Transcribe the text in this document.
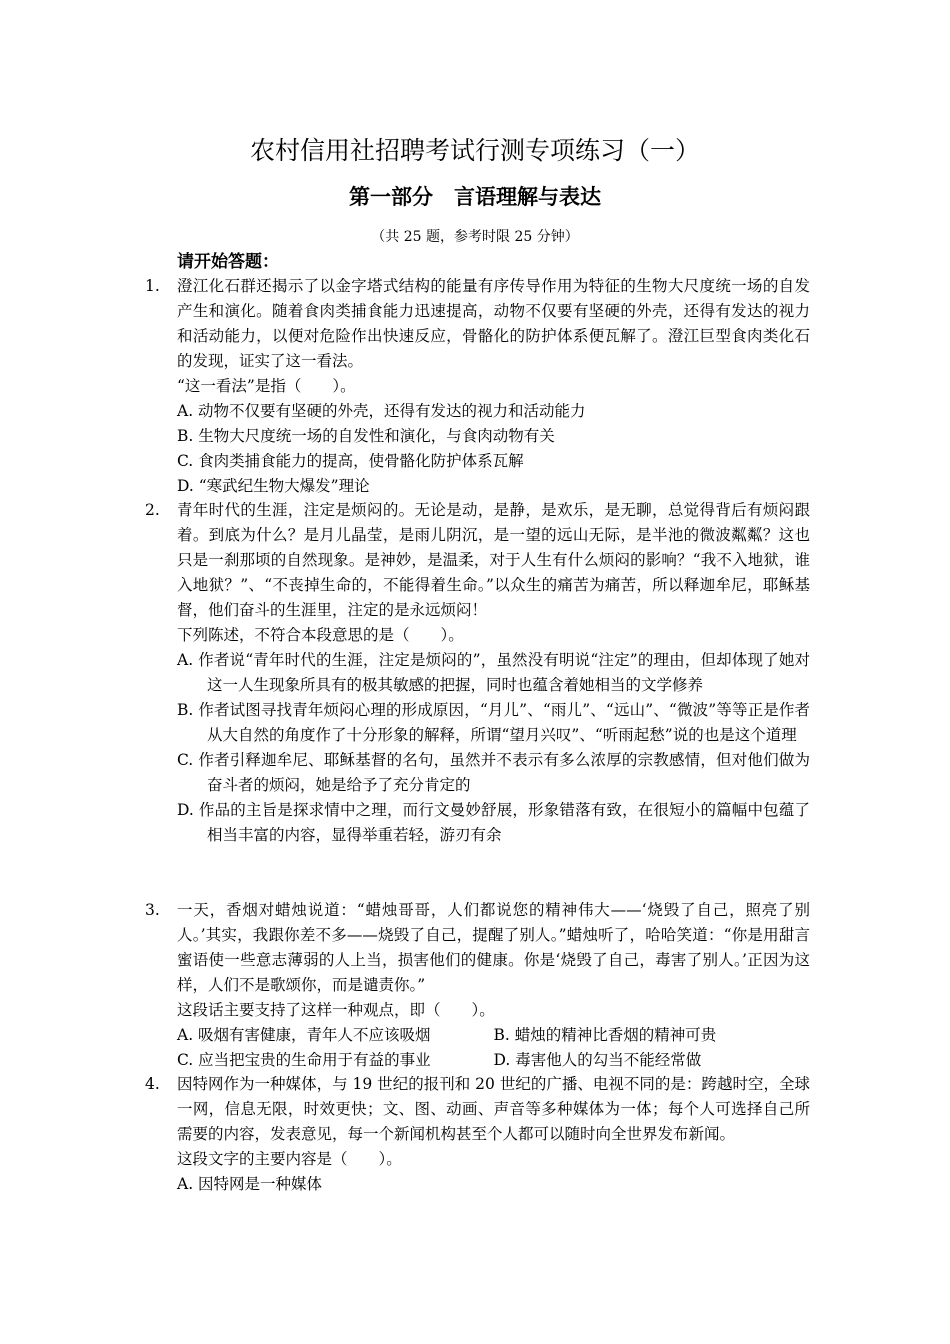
农村信用社招聘考试行测专项练习（一）
第一部分　言语理解与表达
（共 25 题，参考时限 25 分钟）
请开始答题：
1.	澄江化石群还揭示了以金字塔式结构的能量有序传导作用为特征的生物大尺度统一场的自发产生和演化。随着食肉类捕食能力迅速提高，动物不仅要有坚硬的外壳，还得有发达的视力和活动能力，以便对危险作出快速反应，骨骼化的防护体系便瓦解了。澄江巨型食肉类化石的发现，证实了这一看法。
“这一看法”是指（　　）。
A. 动物不仅要有坚硬的外壳，还得有发达的视力和活动能力
B. 生物大尺度统一场的自发性和演化，与食肉动物有关
C. 食肉类捕食能力的提高，使骨骼化防护体系瓦解
D. “寒武纪生物大爆发”理论
2.	青年时代的生涯，注定是烦闷的。无论是动，是静，是欢乐，是无聊，总觉得背后有烦闷跟着。到底为什么？是月儿晶莹，是雨儿阴沉，是一望的远山无际，是半池的微波粼粼？这也只是一刹那顷的自然现象。是神妙，是温柔，对于人生有什么烦闷的影响？“我不入地狱，谁入地狱？”、“不丧掉生命的，不能得着生命。”以众生的痛苦为痛苦，所以释迦牟尼，耶稣基督，他们奋斗的生涯里，注定的是永远烦闷！
下列陈述，不符合本段意思的是（　　）。
A. 作者说“青年时代的生涯，注定是烦闷的”，虽然没有明说“注定”的理由，但却体现了她对这一人生现象所具有的极其敏感的把握，同时也蕴含着她相当的文学修养
B. 作者试图寻找青年烦闷心理的形成原因，“月儿”、“雨儿”、“远山”、“微波”等等正是作者从大自然的角度作了十分形象的解释，所谓“望月兴叹”、“听雨起愁”说的也是这个道理
C. 作者引释迦牟尼、耶稣基督的名句，虽然并不表示有多么浓厚的宗教感情，但对他们做为奋斗者的烦闷，她是给予了充分肯定的
D. 作品的主旨是探求情中之理，而行文曼妙舒展，形象错落有致，在很短小的篇幅中包蕴了相当丰富的内容，显得举重若轻，游刃有余
3.	一天，香烟对蜡烛说道：“蜡烛哥哥，人们都说您的精神伟大——‘烧毁了自己，照亮了别人。’其实，我跟你差不多——烧毁了自己，提醒了别人。”蜡烛听了，哈哈笑道：“你是用甜言蜜语使一些意志薄弱的人上当，损害他们的健康。你是‘烧毁了自己，毒害了别人。’正因为这样，人们不是歌颂你，而是谴责你。”
这段话主要支持了这样一种观点，即（　　）。
A. 吸烟有害健康，青年人不应该吸烟	B. 蜡烛的精神比香烟的精神可贵
C. 应当把宝贵的生命用于有益的事业	D. 毒害他人的勾当不能经常做
4.	因特网作为一种媒体，与 19 世纪的报刊和 20 世纪的广播、电视不同的是：跨越时空，全球一网，信息无限，时效更快；文、图、动画、声音等多种媒体为一体；每个人可选择自己所需要的内容，发表意见，每一个新闻机构甚至个人都可以随时向全世界发布新闻。
这段文字的主要内容是（　　）。
A. 因特网是一种媒体
